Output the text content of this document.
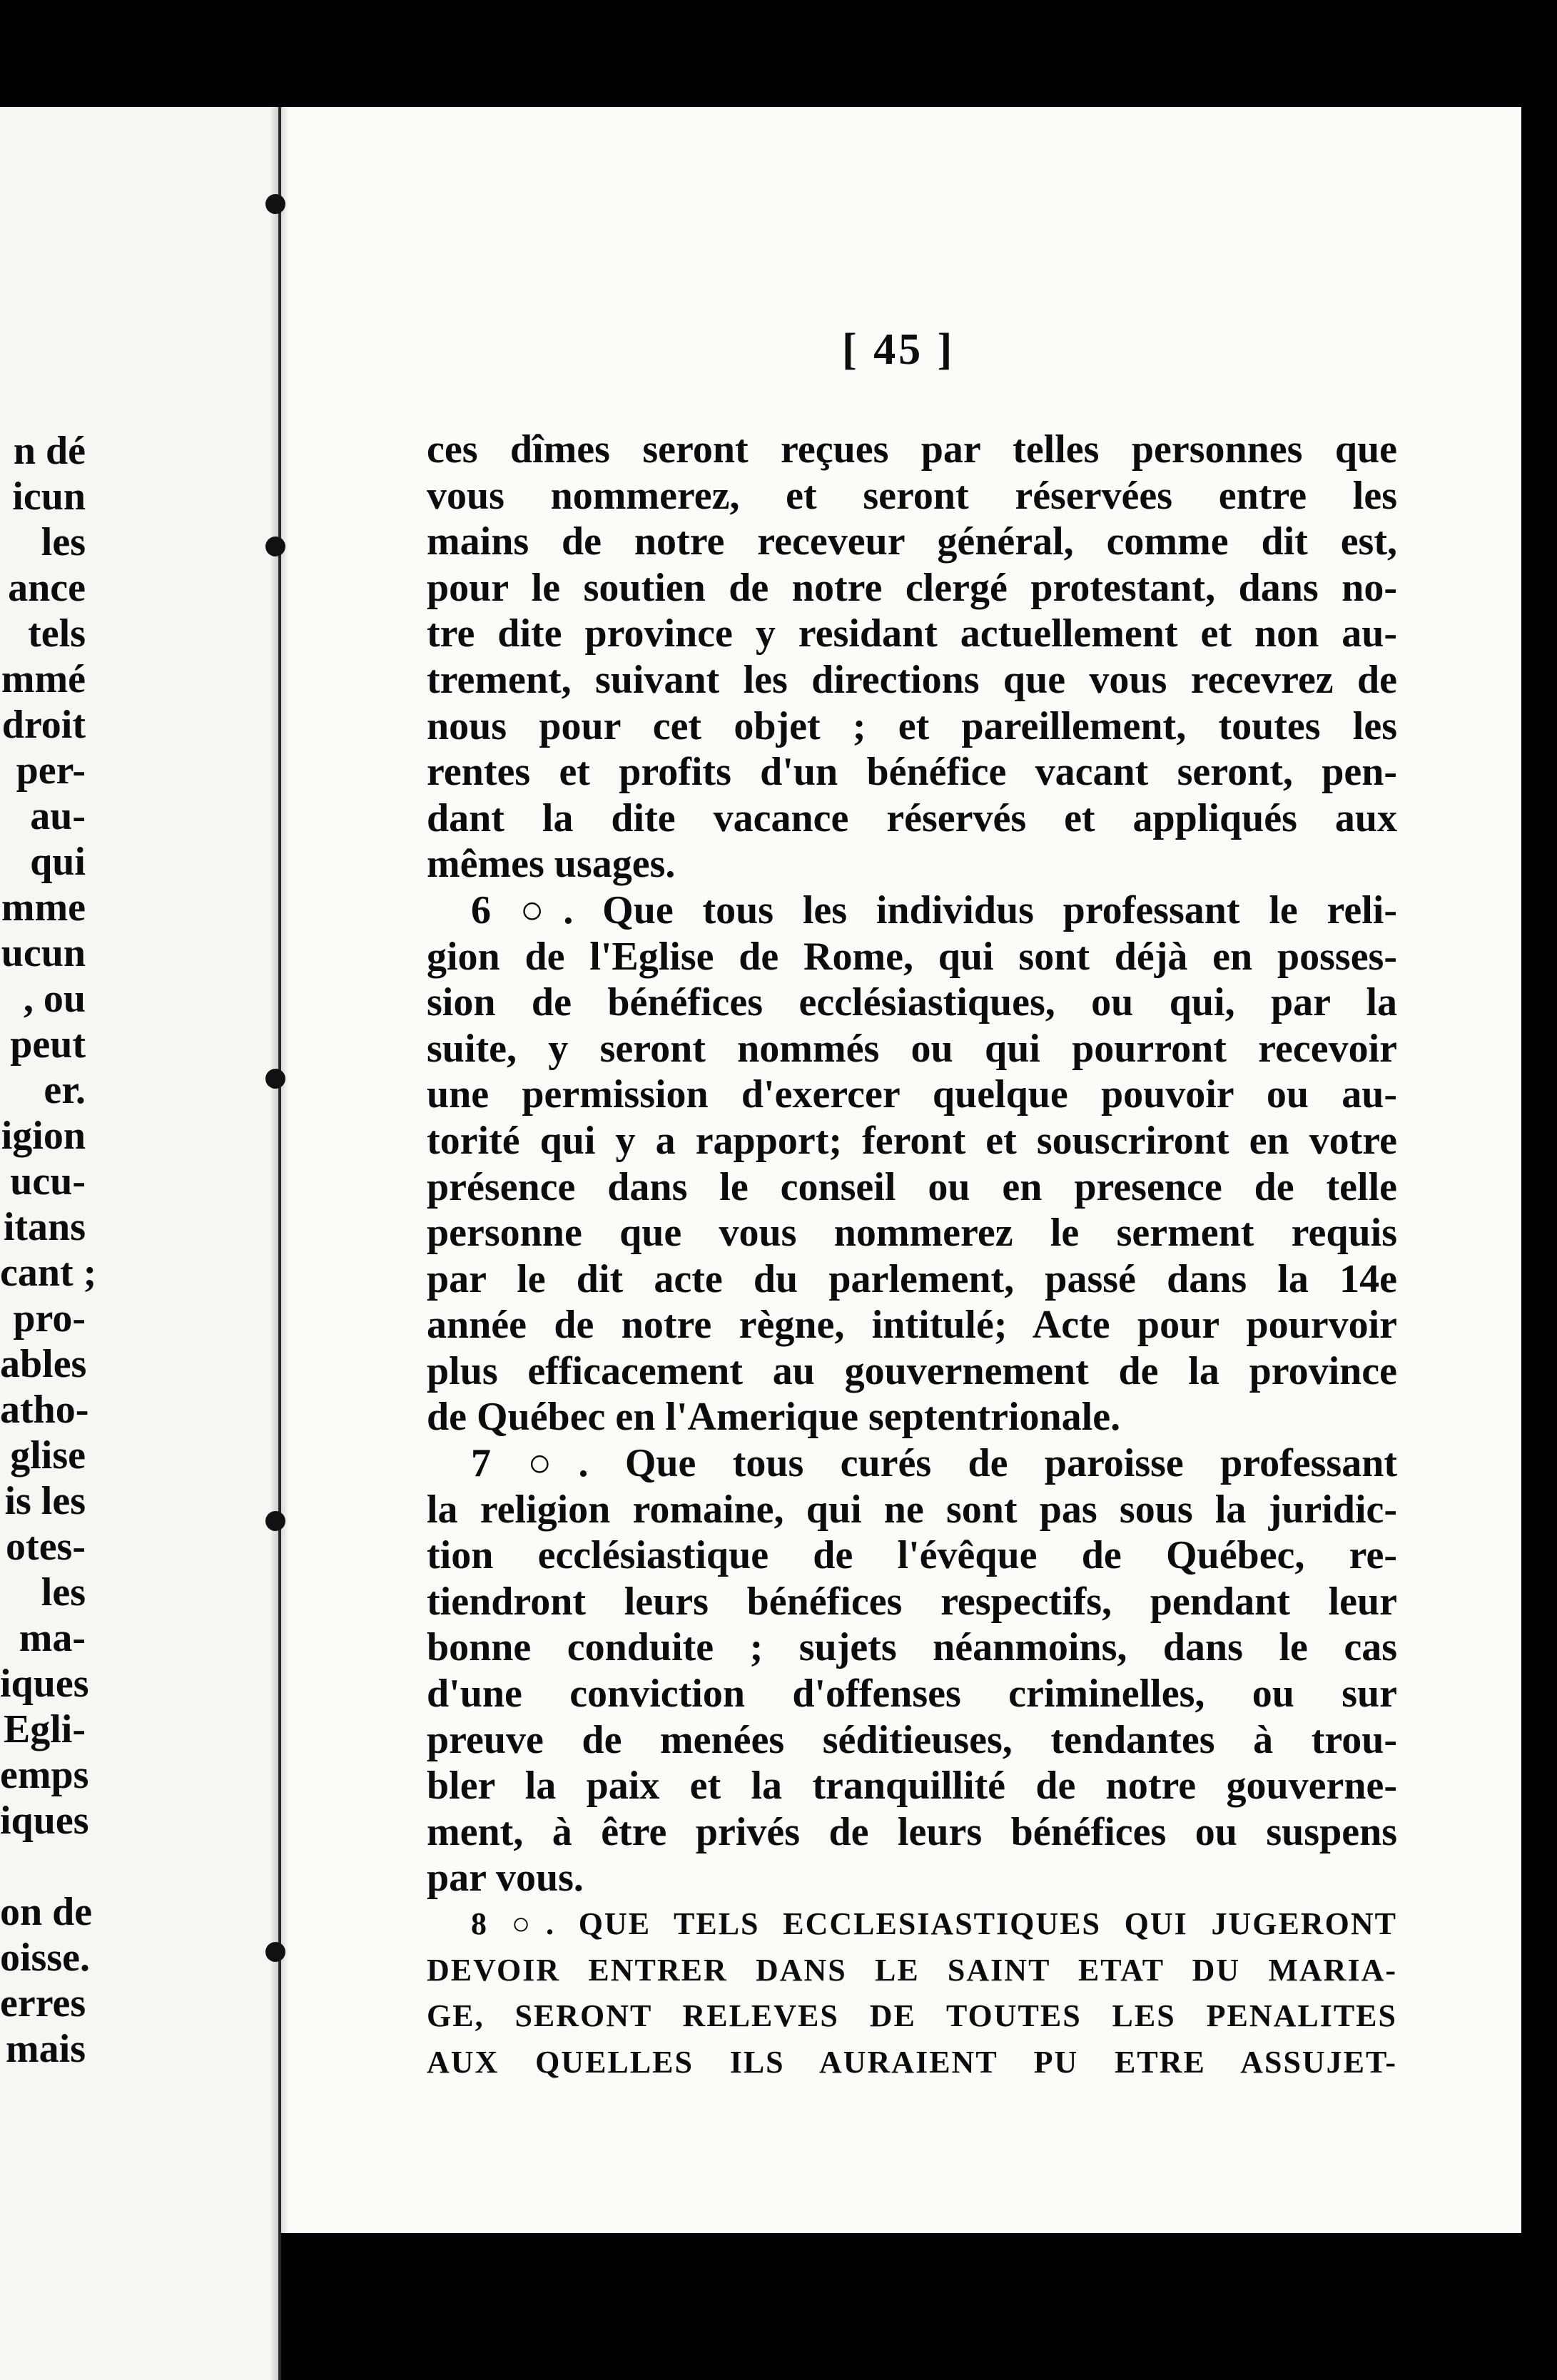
n dé
icun
les
ance
tels
mmé
droit
per-
au-
qui
mme
ucun
, ou
peut
er.
igion
ucu-
itans
cant ;
pro-
ables
atho-
glise
is les
otes-
les
ma-
iques
Egli-
emps
iques
on de
oisse.
erres
mais
[ 45 ]
ces dîmes seront reçues par telles personnes que
vous nommerez, et seront réservées entre les
mains de notre receveur général, comme dit est,
pour le soutien de notre clergé protestant, dans no-
tre dite province y residant actuellement et non au-
trement, suivant les directions que vous recevrez de
nous pour cet objet ; et pareillement, toutes les
rentes et profits d'un bénéfice vacant seront, pen-
dant la dite vacance réservés et appliqués aux
mêmes usages.
6 ○. Que tous les individus professant le reli-
gion de l'Eglise de Rome, qui sont déjà en posses-
sion de bénéfices ecclésiastiques, ou qui, par la
suite, y seront nommés ou qui pourront recevoir
une permission d'exercer quelque pouvoir ou au-
torité qui y a rapport; feront et souscriront en votre
présence dans le conseil ou en presence de telle
personne que vous nommerez le serment requis
par le dit acte du parlement, passé dans la 14e
année de notre règne, intitulé; Acte pour pourvoir
plus efficacement au gouvernement de la province
de Québec en l'Amerique septentrionale.
7 ○. Que tous curés de paroisse professant
la religion romaine, qui ne sont pas sous la juridic-
tion ecclésiastique de l'évêque de Québec, re-
tiendront leurs bénéfices respectifs, pendant leur
bonne conduite ; sujets néanmoins, dans le cas
d'une conviction d'offenses criminelles, ou sur
preuve de menées séditieuses, tendantes à trou-
bler la paix et la tranquillité de notre gouverne-
ment, à être privés de leurs bénéfices ou suspens
par vous.
8 ○. QUE TELS ECCLESIASTIQUES QUI JUGERONT
DEVOIR ENTRER DANS LE SAINT ETAT DU MARIA-
GE, SERONT RELEVES DE TOUTES LES PENALITES
AUX QUELLES ILS AURAIENT PU ETRE ASSUJET-
